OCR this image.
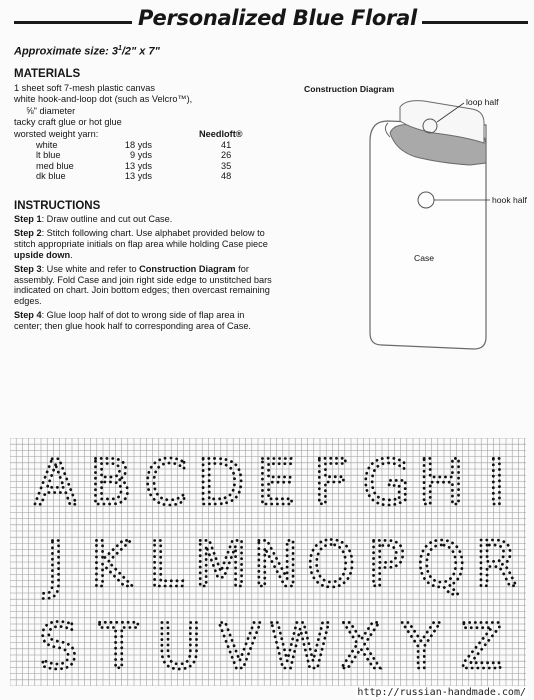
Personalized Blue Floral
Approximate size: $3^1/2$" x 7"
MATERIALS
1 sheet soft 7-mesh plastic canvas
white hook-and-loop dot (such as Velcro™),
⅝" diameter
tacky craft glue or hot glue
worsted weight yarn:	Needloft®
white 18 yds	41
lt blue 9 yds	26
med blue 13 yds	35
dk blue 13 yds	48
INSTRUCTIONS

Step 1: Draw outline and cut out Case.

Step 2: Stitch following chart. Use alphabet provided below to stitch appropriate initials on flap area while holding Case piece upside down.

Step 3: Use white and refer to Construction Diagram for assembly. Fold Case and join right side edge to unstitched bars indicated on chart. Join bottom edges; then overcast remaining edges.

Step 4: Glue loop half of dot to wrong side of flap area in center; then glue hook half to corresponding area of Case.

Construction Diagram
loop half
hook half
Case
A B C D E F G H I
J K L M N O P Q R
S T U V W X Y Z
http://russian-handmade.com/
